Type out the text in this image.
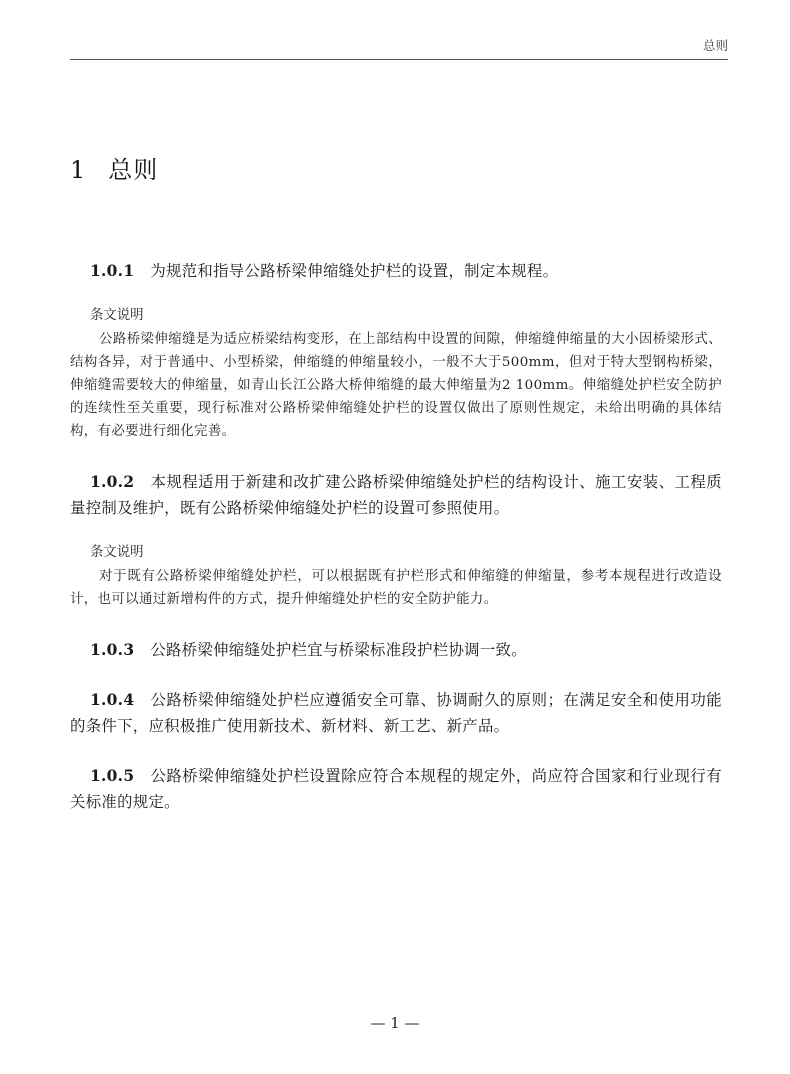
总则
1 总则

1.0.1 为规范和指导公路桥梁伸缩缝处护栏的设置，制定本规程。

条文说明

公路桥梁伸缩缝是为适应桥梁结构变形，在上部结构中设置的间隙，伸缩缝伸缩量的大小因桥梁形式、结构各异，对于普通中、小型桥梁，伸缩缝的伸缩量较小，一般不大于500mm，但对于特大型钢构桥梁，伸缩缝需要较大的伸缩量，如青山长江公路大桥伸缩缝的最大伸缩量为2 100mm。伸缩缝处护栏安全防护的连续性至关重要，现行标准对公路桥梁伸缩缝处护栏的设置仅做出了原则性规定，未给出明确的具体结构，有必要进行细化完善。

1.0.2 本规程适用于新建和改扩建公路桥梁伸缩缝处护栏的结构设计、施工安装、工程质量控制及维护，既有公路桥梁伸缩缝处护栏的设置可参照使用。

条文说明

对于既有公路桥梁伸缩缝处护栏，可以根据既有护栏形式和伸缩缝的伸缩量，参考本规程进行改造设计，也可以通过新增构件的方式，提升伸缩缝处护栏的安全防护能力。

1.0.3 公路桥梁伸缩缝处护栏宜与桥梁标准段护栏协调一致。

1.0.4 公路桥梁伸缩缝处护栏应遵循安全可靠、协调耐久的原则；在满足安全和使用功能的条件下，应积极推广使用新技术、新材料、新工艺、新产品。

1.0.5 公路桥梁伸缩缝处护栏设置除应符合本规程的规定外，尚应符合国家和行业现行有关标准的规定。

— 1 —
